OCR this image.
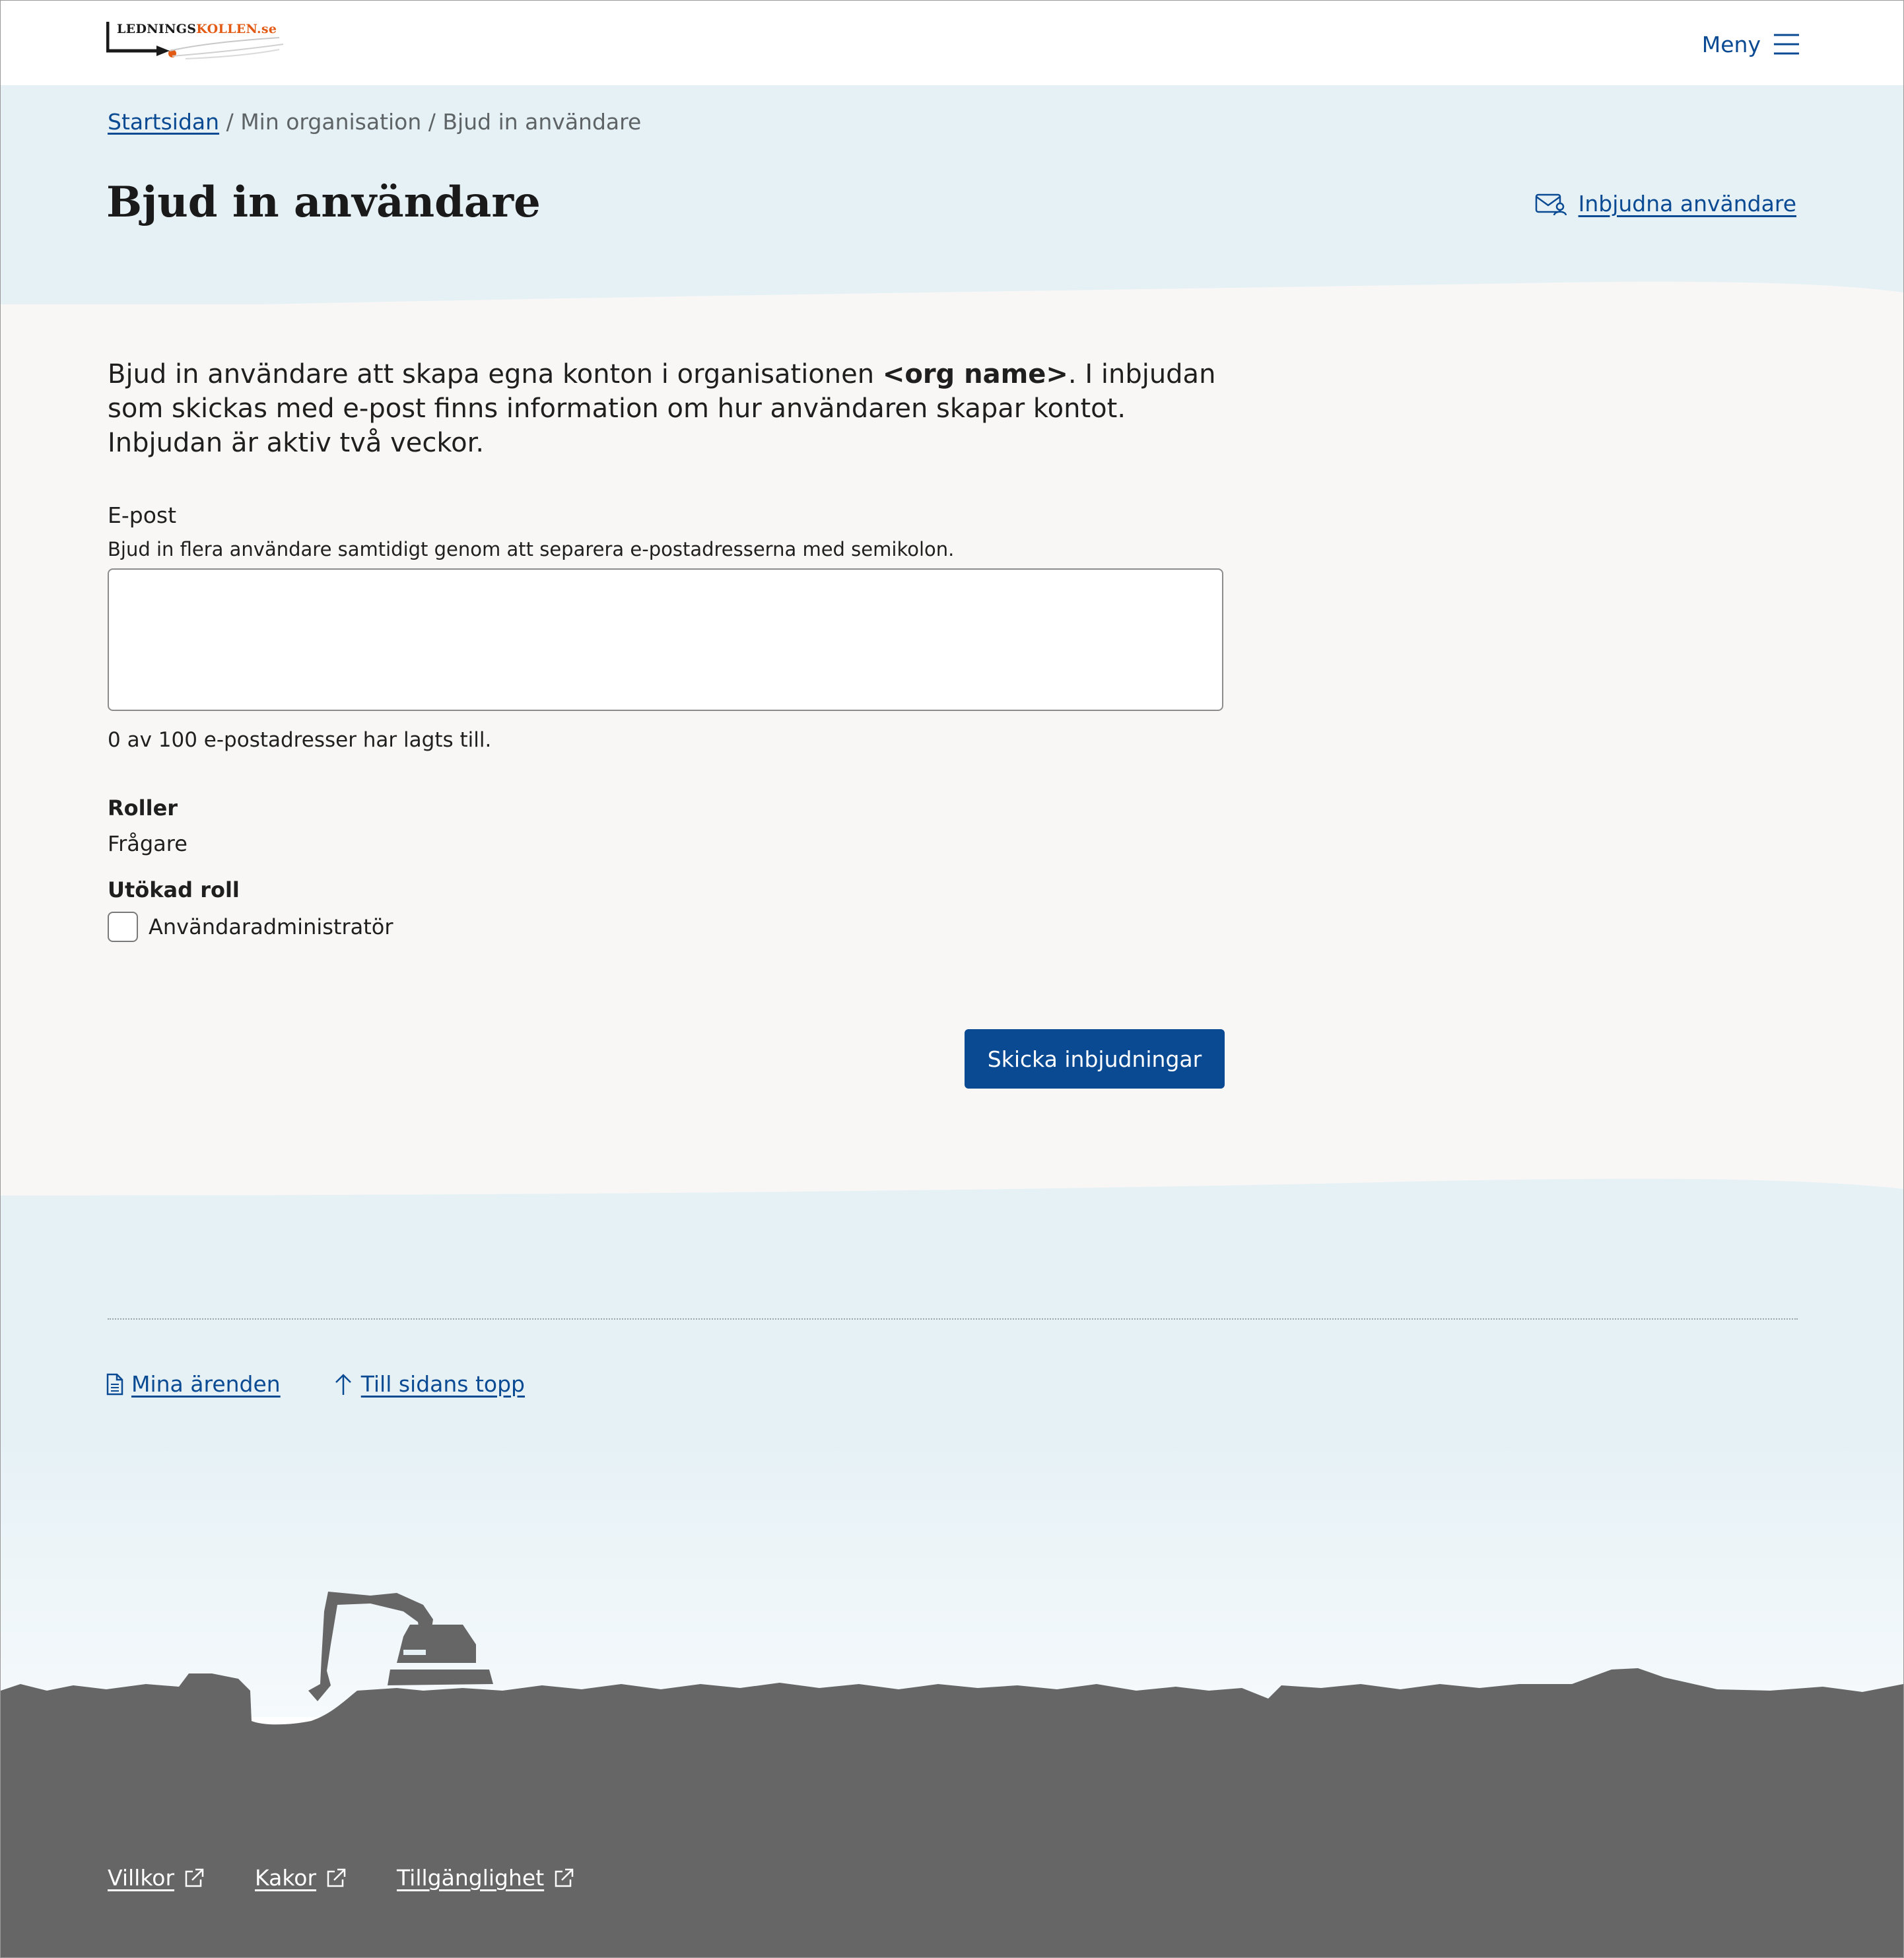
LEDNINGSKOLLEN.se
Meny
Startsidan / Min organisation / Bjud in användare
Bjud in användare	Inbjudna användare

Bjud in användare att skapa egna konton i organisationen <org name>. I inbjudan som skickas med e-post finns information om hur användaren skapar kontot. Inbjudan är aktiv två veckor.

E-post
Bjud in flera användare samtidigt genom att separera e-postadresserna med semikolon.
0 av 100 e-postadresser har lagts till.
Roller
Frågare
Utökad roll
Användaradministratör
Skicka inbjudningar
Mina ärenden	Till sidans topp
Villkor	Kakor	Tillgänglighet
